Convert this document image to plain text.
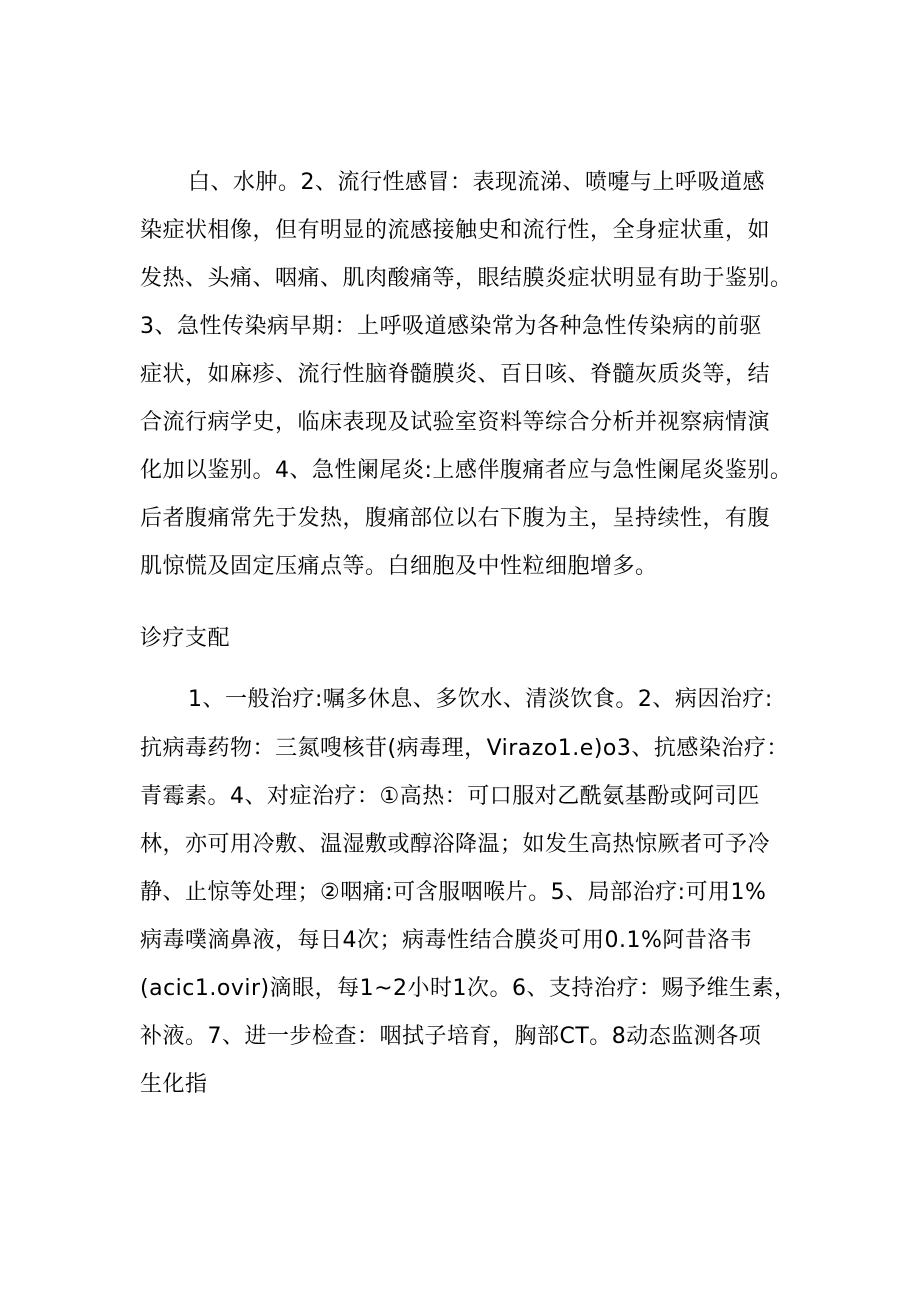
白、水肿。2、流行性感冒：表现流涕、喷嚏与上呼吸道感
染症状相像，但有明显的流感接触史和流行性，全身症状重，如
发热、头痛、咽痛、肌肉酸痛等，眼结膜炎症状明显有助于鉴别。
3、急性传染病早期：上呼吸道感染常为各种急性传染病的前驱
症状，如麻疹、流行性脑脊髓膜炎、百日咳、脊髓灰质炎等，结
合流行病学史，临床表现及试验室资料等综合分析并视察病情演
化加以鉴别。4、急性阑尾炎:上感伴腹痛者应与急性阑尾炎鉴别。
后者腹痛常先于发热，腹痛部位以右下腹为主，呈持续性，有腹
肌惊慌及固定压痛点等。白细胞及中性粒细胞增多。
诊疗支配
1、一般治疗:嘱多休息、多饮水、清淡饮食。2、病因治疗:
抗病毒药物：三氮嗖核苷(病毒理，Virazo1.e)o3、抗感染治疗：
青霉素。4、对症治疗：①高热：可口服对乙酰氨基酚或阿司匹
林，亦可用冷敷、温湿敷或醇浴降温；如发生高热惊厥者可予冷
静、止惊等处理；②咽痛:可含服咽喉片。5、局部治疗:可用1%
病毒噗滴鼻液，每日4次；病毒性结合膜炎可用0.1%阿昔洛韦
(acic1.ovir)滴眼，每1~2小时1次。6、支持治疗：赐予维生素，
补液。7、进一步检查：咽拭子培育，胸部CT。8动态监测各项
生化指
